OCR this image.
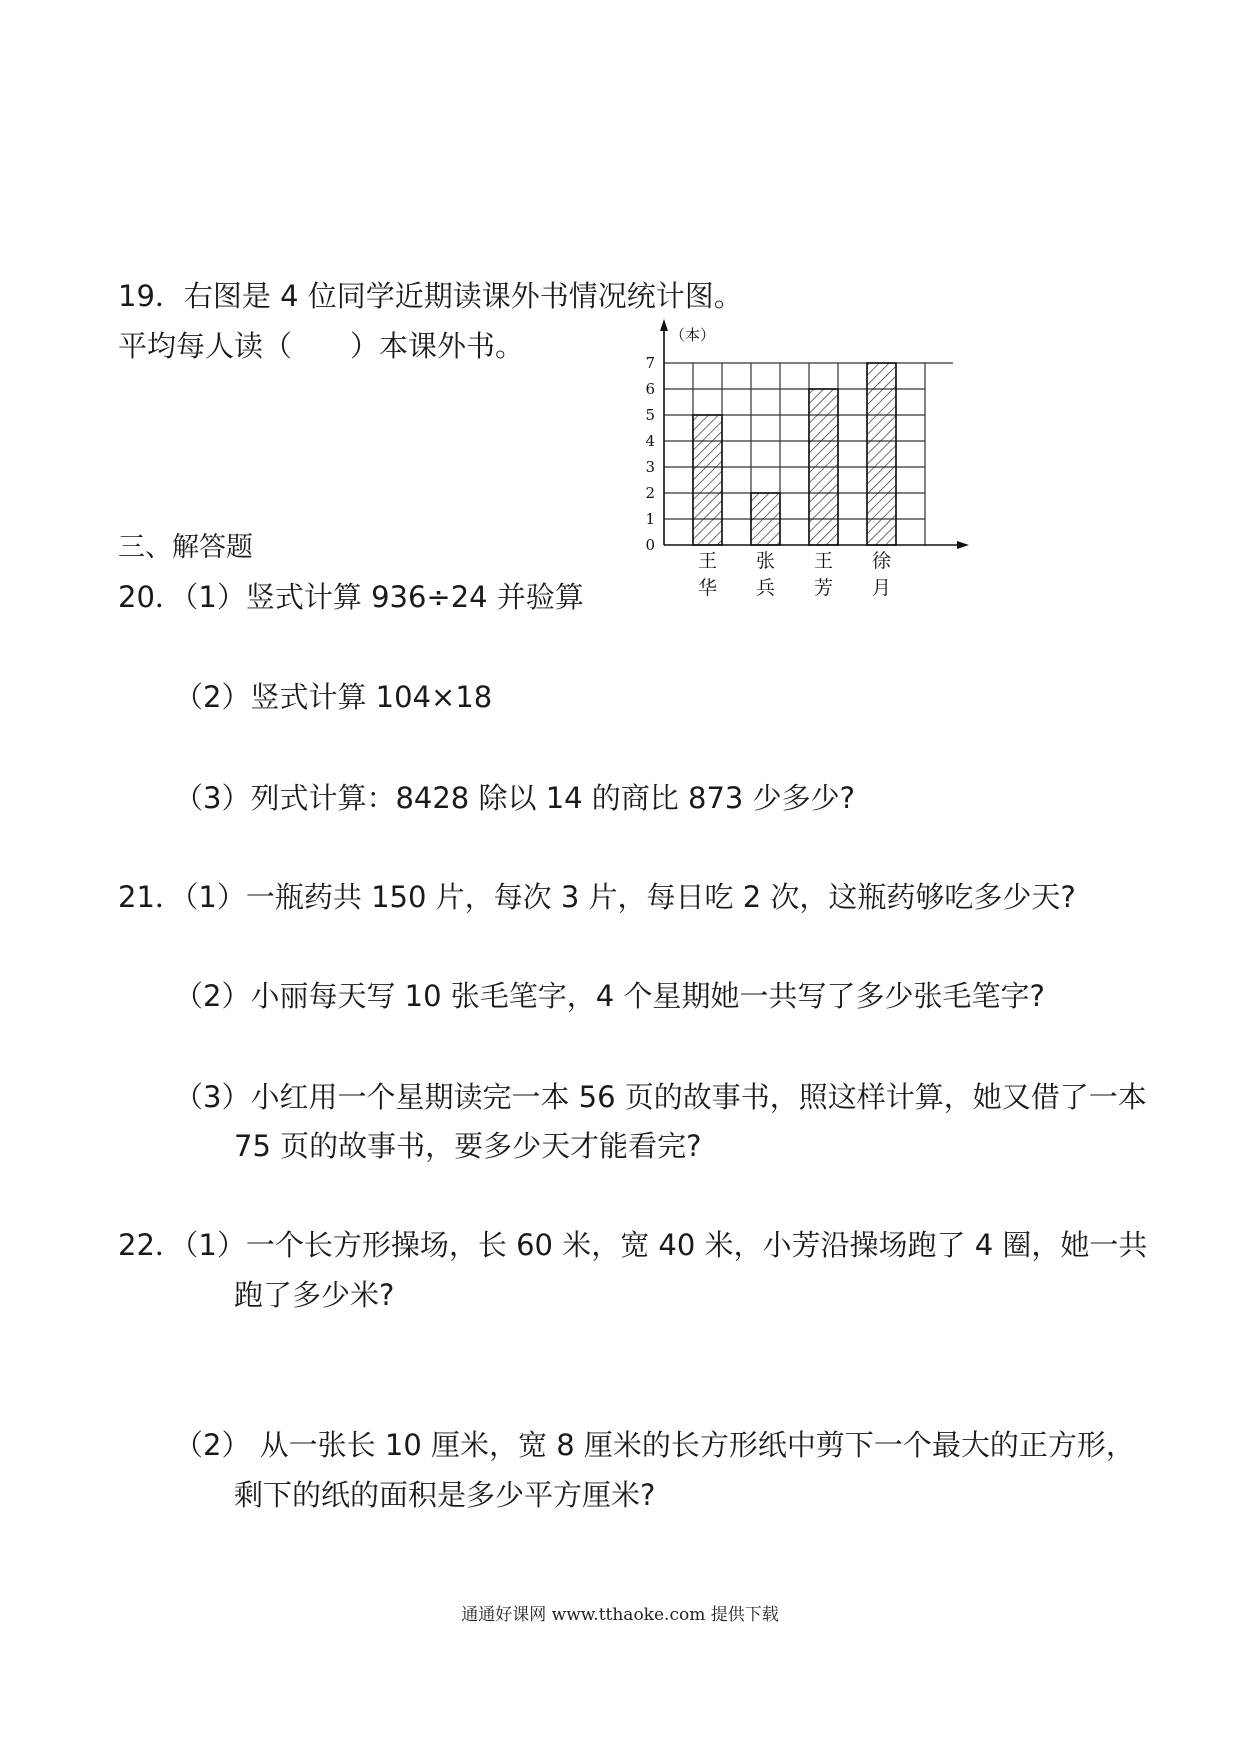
19．右图是 4 位同学近期读课外书情况统计图。
平均每人读（　　）本课外书。
0
1
2
3
4
5
6
7
（本）
王
华
张
兵
王
芳
徐
月
三、解答题
20．（1）竖式计算 936÷24 并验算
（2）竖式计算 104×18
（3）列式计算：8428 除以 14 的商比 873 少多少?
21．（1）一瓶药共 150 片，每次 3 片，每日吃 2 次，这瓶药够吃多少天?
（2）小丽每天写 10 张毛笔字，4 个星期她一共写了多少张毛笔字?
（3）小红用一个星期读完一本 56 页的故事书，照这样计算，她又借了一本
75 页的故事书，要多少天才能看完?
22．（1）一个长方形操场，长 60 米，宽 40 米，小芳沿操场跑了 4 圈，她一共
跑了多少米?
（2） 从一张长 10 厘米，宽 8 厘米的长方形纸中剪下一个最大的正方形，
剩下的纸的面积是多少平方厘米?
通通好课网 www.tthaoke.com 提供下载
